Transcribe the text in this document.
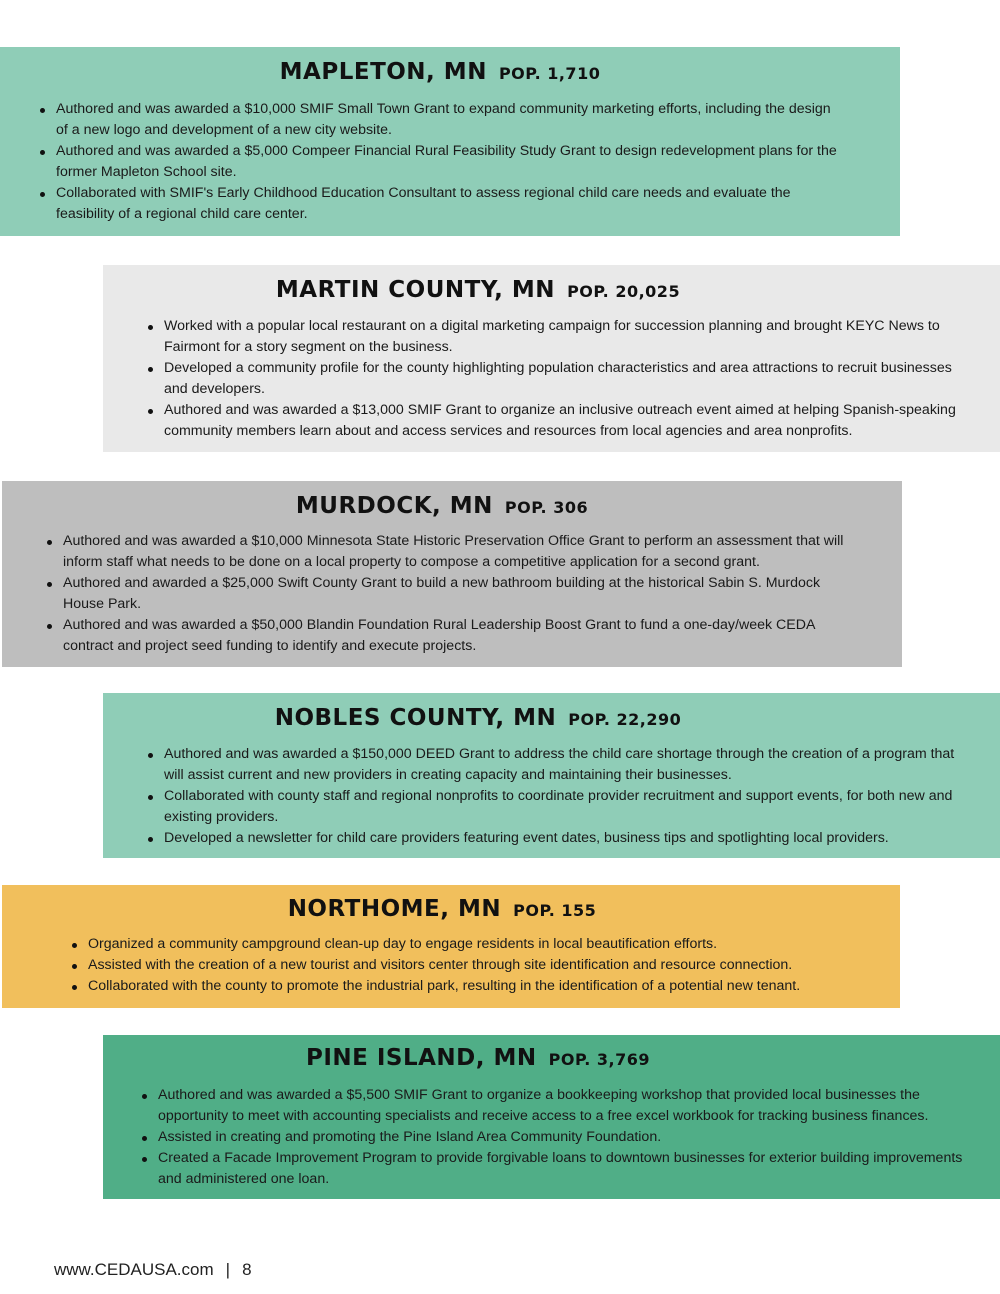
MAPLETON, MN POP. 1,710
Authored and was awarded a $10,000 SMIF Small Town Grant to expand community marketing efforts, including the design of a new logo and development of a new city website.
Authored and was awarded a $5,000 Compeer Financial Rural Feasibility Study Grant to design redevelopment plans for the former Mapleton School site.
Collaborated with SMIF's Early Childhood Education Consultant to assess regional child care needs and evaluate the feasibility of a regional child care center.
MARTIN COUNTY, MN POP. 20,025
Worked with a popular local restaurant on a digital marketing campaign for succession planning and brought KEYC News to Fairmont for a story segment on the business.
Developed a community profile for the county highlighting population characteristics and area attractions to recruit businesses and developers.
Authored and was awarded a $13,000 SMIF Grant to organize an inclusive outreach event aimed at helping Spanish-speaking community members learn about and access services and resources from local agencies and area nonprofits.
MURDOCK, MN POP. 306
Authored and was awarded a $10,000 Minnesota State Historic Preservation Office Grant to perform an assessment that will inform staff what needs to be done on a local property to compose a competitive application for a second grant.
Authored and awarded a $25,000 Swift County Grant to build a new bathroom building at the historical Sabin S. Murdock House Park.
Authored and was awarded a $50,000 Blandin Foundation Rural Leadership Boost Grant to fund a one-day/week CEDA contract and project seed funding to identify and execute projects.
NOBLES COUNTY, MN POP. 22,290
Authored and was awarded a $150,000 DEED Grant to address the child care shortage through the creation of a program that will assist current and new providers in creating capacity and maintaining their businesses.
Collaborated with county staff and regional nonprofits to coordinate provider recruitment and support events, for both new and existing providers.
Developed a newsletter for child care providers featuring event dates, business tips and spotlighting local providers.
NORTHOME, MN POP. 155
Organized a community campground clean-up day to engage residents in local beautification efforts.
Assisted with the creation of a new tourist and visitors center through site identification and resource connection.
Collaborated with the county to promote the industrial park, resulting in the identification of a potential new tenant.
PINE ISLAND, MN POP. 3,769
Authored and was awarded a $5,500 SMIF Grant to organize a bookkeeping workshop that provided local businesses the opportunity to meet with accounting specialists and receive access to a free excel workbook for tracking business finances.
Assisted in creating and promoting the Pine Island Area Community Foundation.
Created a Facade Improvement Program to provide forgivable loans to downtown businesses for exterior building improvements and administered one loan.
www.CEDAUSA.com | 8
